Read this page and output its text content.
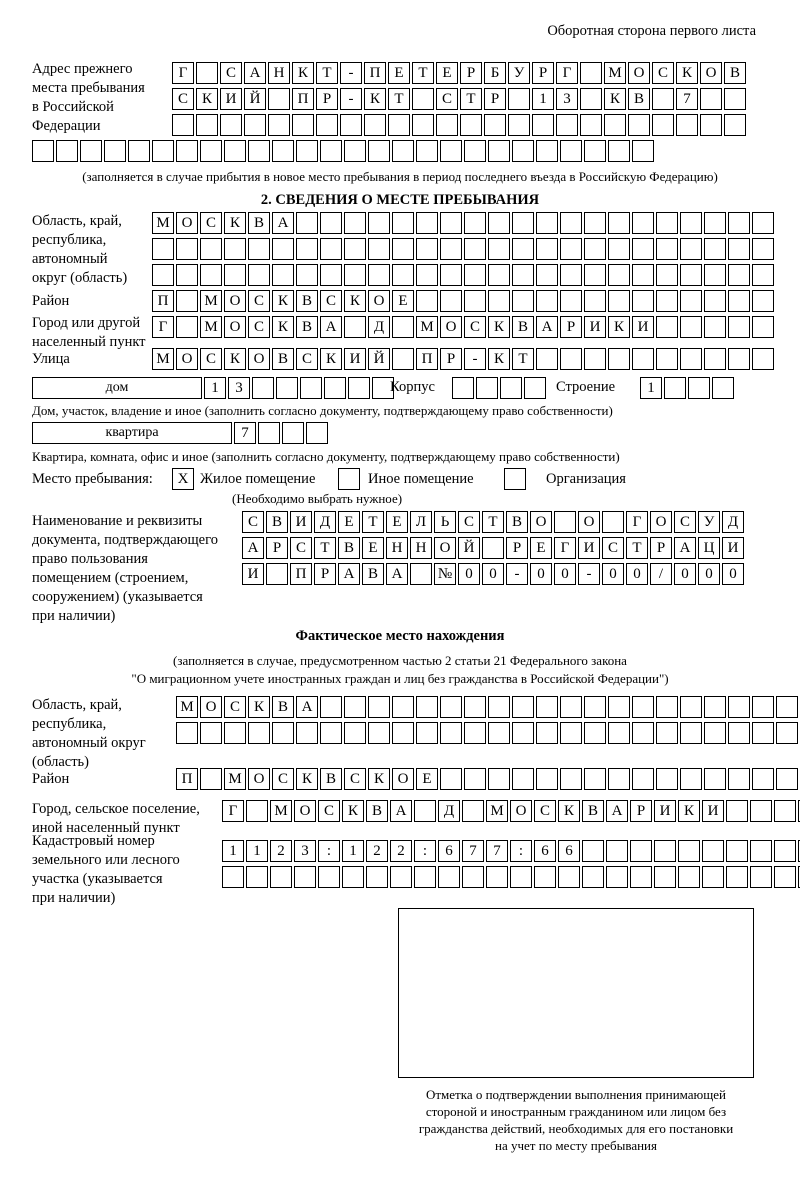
Оборотная сторона первого листа
Адрес прежнего
места пребывания
в Российской
Федерации
Г	С А Н К Т	-	П Е Т Е	Р	Б У Р	Г	М О С К О В
С К И Й	П Р	-	К Т	С Т	Р	1	3	К В	7
(заполняется в случае прибытия в новое место пребывания в период последнего въезда в Российскую Федерацию)
2. СВЕДЕНИЯ О МЕСТЕ ПРЕБЫВАНИЯ
Область, край,
республика,
автономный
округ (область)
М О С К В А
Район	П	М О С К В С К О Е
Город или другой
населенный пункт
Г	М О С К В А	Д	М О С К В А Р И К И
Улица	М О С К О В С К И Й	П Р	-	К Т
дом	1	3	Корпус	Строение	1
Дом, участок, владение и иное (заполнить согласно документу, подтверждающему право собственности)
квартира	7
Квартира, комната, офис и иное (заполнить согласно документу, подтверждающему право собственности)
Место пребывания:	X Жилое помещение	Иное помещение	Организация
(Необходимо выбрать нужное)
Наименование и реквизиты
документа, подтверждающего
право пользования
помещением (строением,
сооружением) (указывается
при наличии)
С В И Д Е Т Е Л Ь С Т В О	О	Г О С У Д
А Р С Т В Е Н Н О Й	Р	Е	Г И С Т	Р А Ц И
И	П Р А В А	№ 0	0	-	0	0	-	0	0	/	0	0	0
Фактическое место нахождения
(заполняется в случае, предусмотренном частью 2 статьи 21 Федерального закона
"О миграционном учете иностранных граждан и лиц без гражданства в Российской Федерации")
Область, край,
республика,
автономный округ
(область)
М О С К В А
Район	П	М О С К В С К О Е
Город, сельское поселение,
иной населенный пункт
Г	М О С К В А	Д	М О С К В А Р И К И
Кадастровый номер
земельного или лесного
участка (указывается
при наличии)
1	1	2	3	:	1	2	2	:	6	7	7	:	6	6
Отметка о подтверждении выполнения принимающей
стороной и иностранным гражданином или лицом без
гражданства действий, необходимых для его постановки
на учет по месту пребывания
